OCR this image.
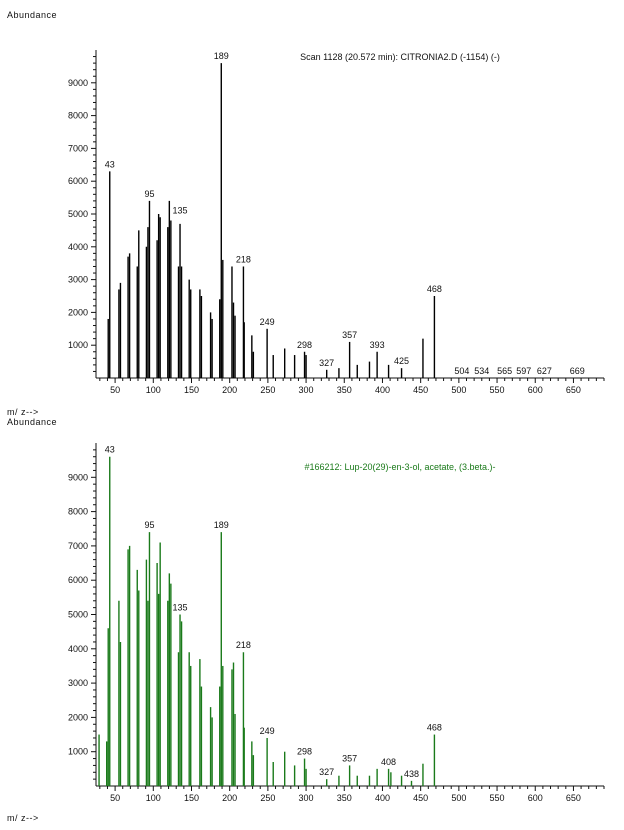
Abundance
Scan 1128 (20.572 min): CITRONIA2.D (-1154) (-)
50	100	150	200	250	300	350	400	450	500	550	600	650
1000
2000
3000
4000
5000
6000
7000
8000
9000
43
95
135
189
218
249
298
327
357
393
425
468
504 534 565 597 627 669
m/ z-->
Abundance
#166212: Lup-20(29)-en-3-ol, acetate, (3.beta.)-
50	100	150	200	250	300	350	400	450	500	550	600	650
1000
2000
3000
4000
5000
6000
7000
8000
9000
43
95
135
189
218
249
298
327
357	408
438
468
m/ z-->
